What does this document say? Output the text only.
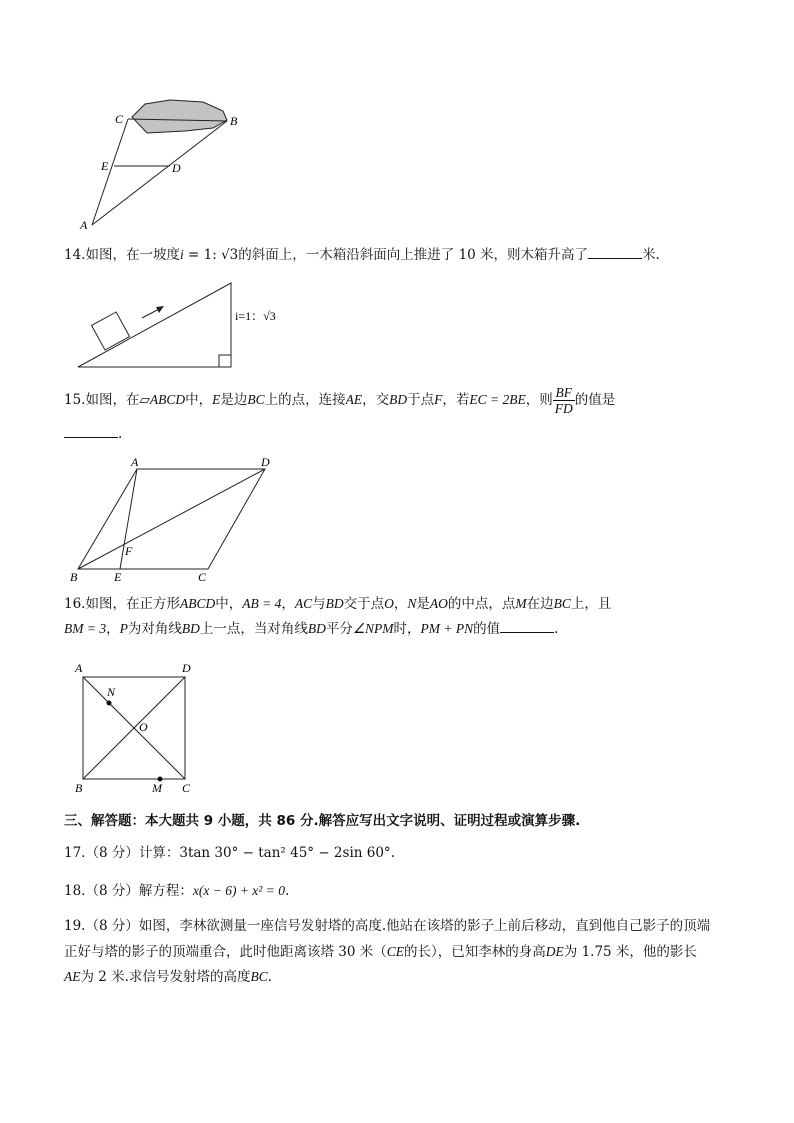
C	B
E	D
A
14.如图，在一坡度i = 1: √3的斜面上，一木箱沿斜面向上推进了 10 米，则木箱升高了	米.
i=1：√3
15.如图，在▱ABCD中，E是边BC上的点，连接AE，交BD于点F，若EC = 2BE，则 $\frac{BF}{FD}$ 的值是
.
A	D
B	E	C
F
16.如图，在正方形ABCD中，AB = 4，AC与BD交于点O，N是AO的中点，点M在边BC上，且
BM = 3，P为对角线BD上一点，当对角线BD平分∠NPM时，PM + PN的值	.
A	D
N
O
B	M C
三、解答题：本大题共 9 小题，共 86 分.解答应写出文字说明、证明过程或演算步骤.
17.（8 分）计算：3tan 30° − tan² 45° − 2sin 60°.
18.（8 分）解方程：x(x − 6) + x² = 0.
19.（8 分）如图，李林欲测量一座信号发射塔的高度.他站在该塔的影子上前后移动，直到他自己影子的顶端
正好与塔的影子的顶端重合，此时他距离该塔 30 米（CE的长），已知李林的身高DE为 1.75 米，他的影长
AE为 2 米.求信号发射塔的高度BC.
